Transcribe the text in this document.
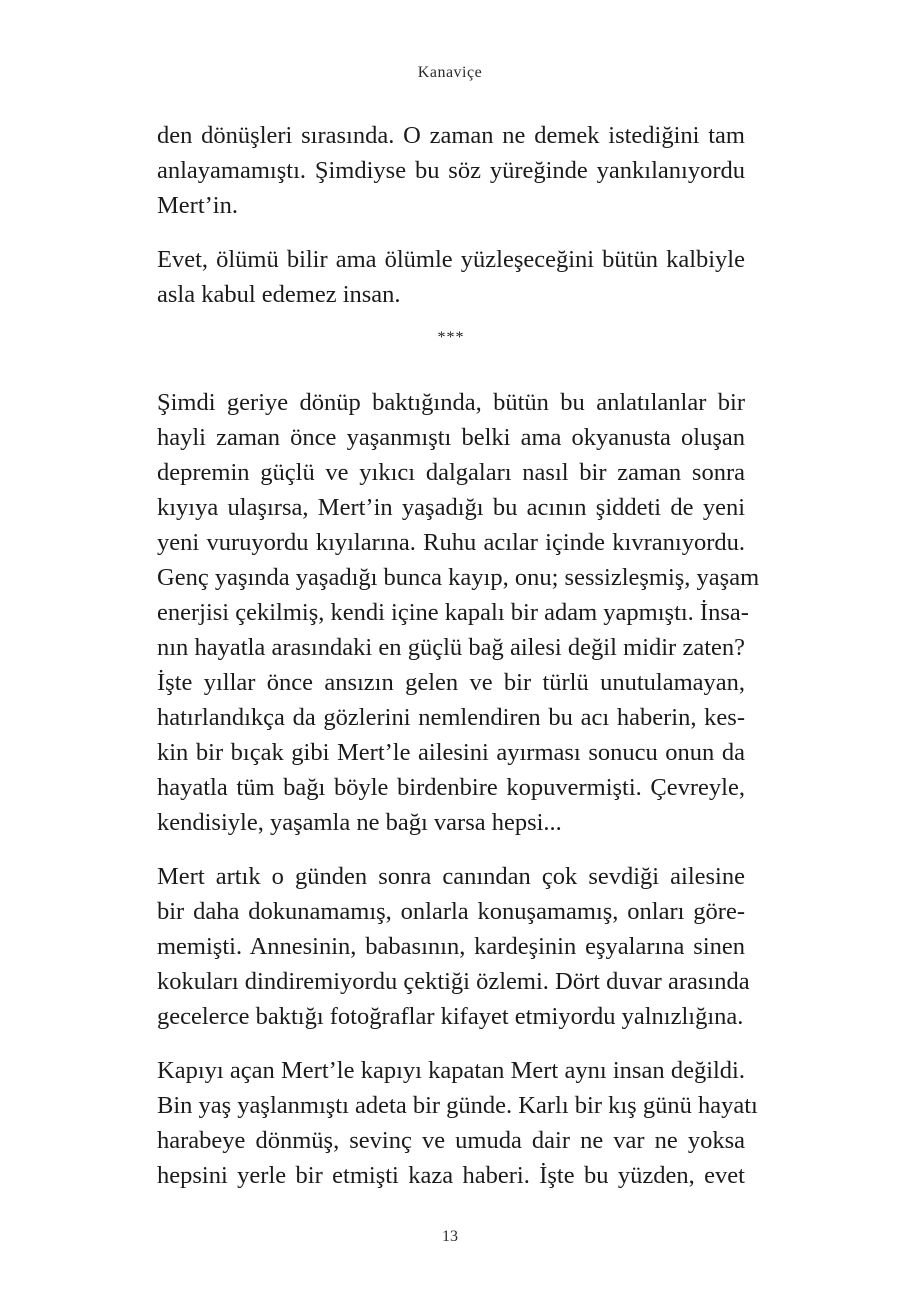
Kanaviçe

den dönüşleri sırasında. O zaman ne demek istediğini tam
anlayamamıştı. Şimdiyse bu söz yüreğinde yankılanıyordu
Mert’in.

Evet, ölümü bilir ama ölümle yüzleşeceğini bütün kalbiyle
asla kabul edemez insan.

***

Şimdi geriye dönüp baktığında, bütün bu anlatılanlar bir
hayli zaman önce yaşanmıştı belki ama okyanusta oluşan
depremin güçlü ve yıkıcı dalgaları nasıl bir zaman sonra
kıyıya ulaşırsa, Mert’in yaşadığı bu acının şiddeti de yeni
yeni vuruyordu kıyılarına. Ruhu acılar içinde kıvranıyordu.
Genç yaşında yaşadığı bunca kayıp, onu; sessizleşmiş, yaşam
enerjisi çekilmiş, kendi içine kapalı bir adam yapmıştı. İnsa-
nın hayatla arasındaki en güçlü bağ ailesi değil midir zaten?
İşte yıllar önce ansızın gelen ve bir türlü unutulamayan,
hatırlandıkça da gözlerini nemlendiren bu acı haberin, kes-
kin bir bıçak gibi Mert’le ailesini ayırması sonucu onun da
hayatla tüm bağı böyle birdenbire kopuvermişti. Çevreyle,
kendisiyle, yaşamla ne bağı varsa hepsi...

Mert artık o günden sonra canından çok sevdiği ailesine
bir daha dokunamamış, onlarla konuşamamış, onları göre-
memişti. Annesinin, babasının, kardeşinin eşyalarına sinen
kokuları dindiremiyordu çektiği özlemi. Dört duvar arasında
gecelerce baktığı fotoğraflar kifayet etmiyordu yalnızlığına.

Kapıyı açan Mert’le kapıyı kapatan Mert aynı insan değildi.
Bin yaş yaşlanmıştı adeta bir günde. Karlı bir kış günü hayatı
harabeye dönmüş, sevinç ve umuda dair ne var ne yoksa
hepsini yerle bir etmişti kaza haberi. İşte bu yüzden, evet

13
